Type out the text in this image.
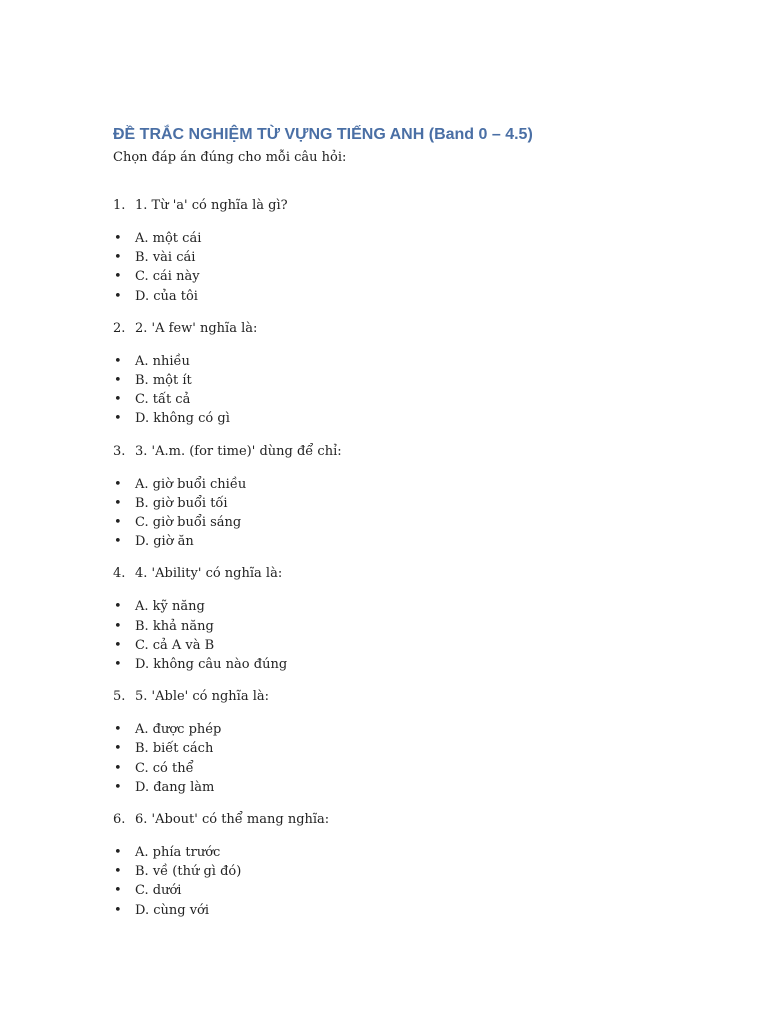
ĐỀ TRẮC NGHIỆM TỪ VỰNG TIẾNG ANH (Band 0 – 4.5)
Chọn đáp án đúng cho mỗi câu hỏi:
1. 1. Từ 'a' có nghĩa là gì?
• A. một cái
• B. vài cái
• C. cái này
• D. của tôi
2. 2. 'A few' nghĩa là:
• A. nhiều
• B. một ít
• C. tất cả
• D. không có gì
3. 3. 'A.m. (for time)' dùng để chỉ:
• A. giờ buổi chiều
• B. giờ buổi tối
• C. giờ buổi sáng
• D. giờ ăn
4. 4. 'Ability' có nghĩa là:
• A. kỹ năng
• B. khả năng
• C. cả A và B
• D. không câu nào đúng
5. 5. 'Able' có nghĩa là:
• A. được phép
• B. biết cách
• C. có thể
• D. đang làm
6. 6. 'About' có thể mang nghĩa:
• A. phía trước
• B. về (thứ gì đó)
• C. dưới
• D. cùng với
